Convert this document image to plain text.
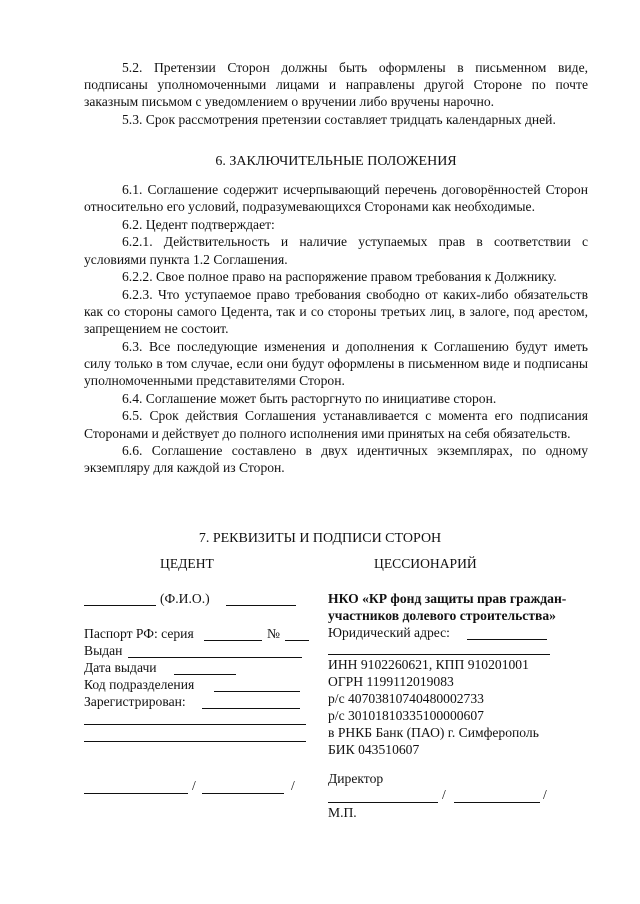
5.2. Претензии Сторон должны быть оформлены в письменном виде, подписаны уполномоченными лицами и направлены другой Стороне по почте заказным письмом с уведомлением о вручении либо вручены нарочно.

5.3. Срок рассмотрения претензии составляет тридцать календарных дней.

6. ЗАКЛЮЧИТЕЛЬНЫЕ ПОЛОЖЕНИЯ

6.1. Соглашение содержит исчерпывающий перечень договорённостей Сторон относительно его условий, подразумевающихся Сторонами как необходимые.

6.2. Цедент подтверждает:

6.2.1. Действительность и наличие уступаемых прав в соответствии с условиями пункта 1.2 Соглашения.

6.2.2. Свое полное право на распоряжение правом требования к Должнику.

6.2.3. Что уступаемое право требования свободно от каких-либо обязательств как со стороны самого Цедента, так и со стороны третьих лиц, в залоге, под арестом, запрещением не состоит.

6.3. Все последующие изменения и дополнения к Соглашению будут иметь силу только в том случае, если они будут оформлены в письменном виде и подписаны уполномоченными представителями Сторон.

6.4. Соглашение может быть расторгнуто по инициативе сторон.

6.5. Срок действия Соглашения устанавливается с момента его подписания Сторонами и действует до полного исполнения ими принятых на себя обязательств.

6.6. Соглашение составлено в двух идентичных экземплярах, по одному экземпляру для каждой из Сторон.

7. РЕКВИЗИТЫ И ПОДПИСИ СТОРОН
ЦЕДЕНТ	ЦЕССИОНАРИЙ
(Ф.И.О.)
Паспорт РФ: серия	№
Выдан
Дата выдачи
Код подразделения
Зарегистрирован:
/	/
НКО «КР фонд защиты прав граждан-
участников долевого строительства»
Юридический адрес:
ИНН 9102260621, КПП 910201001
ОГРН 1199112019083
р/с 40703810740480002733
р/с 30101810335100000607
в РНКБ Банк (ПАО) г. Симферополь
БИК 043510607
Директор
/	/
М.П.
